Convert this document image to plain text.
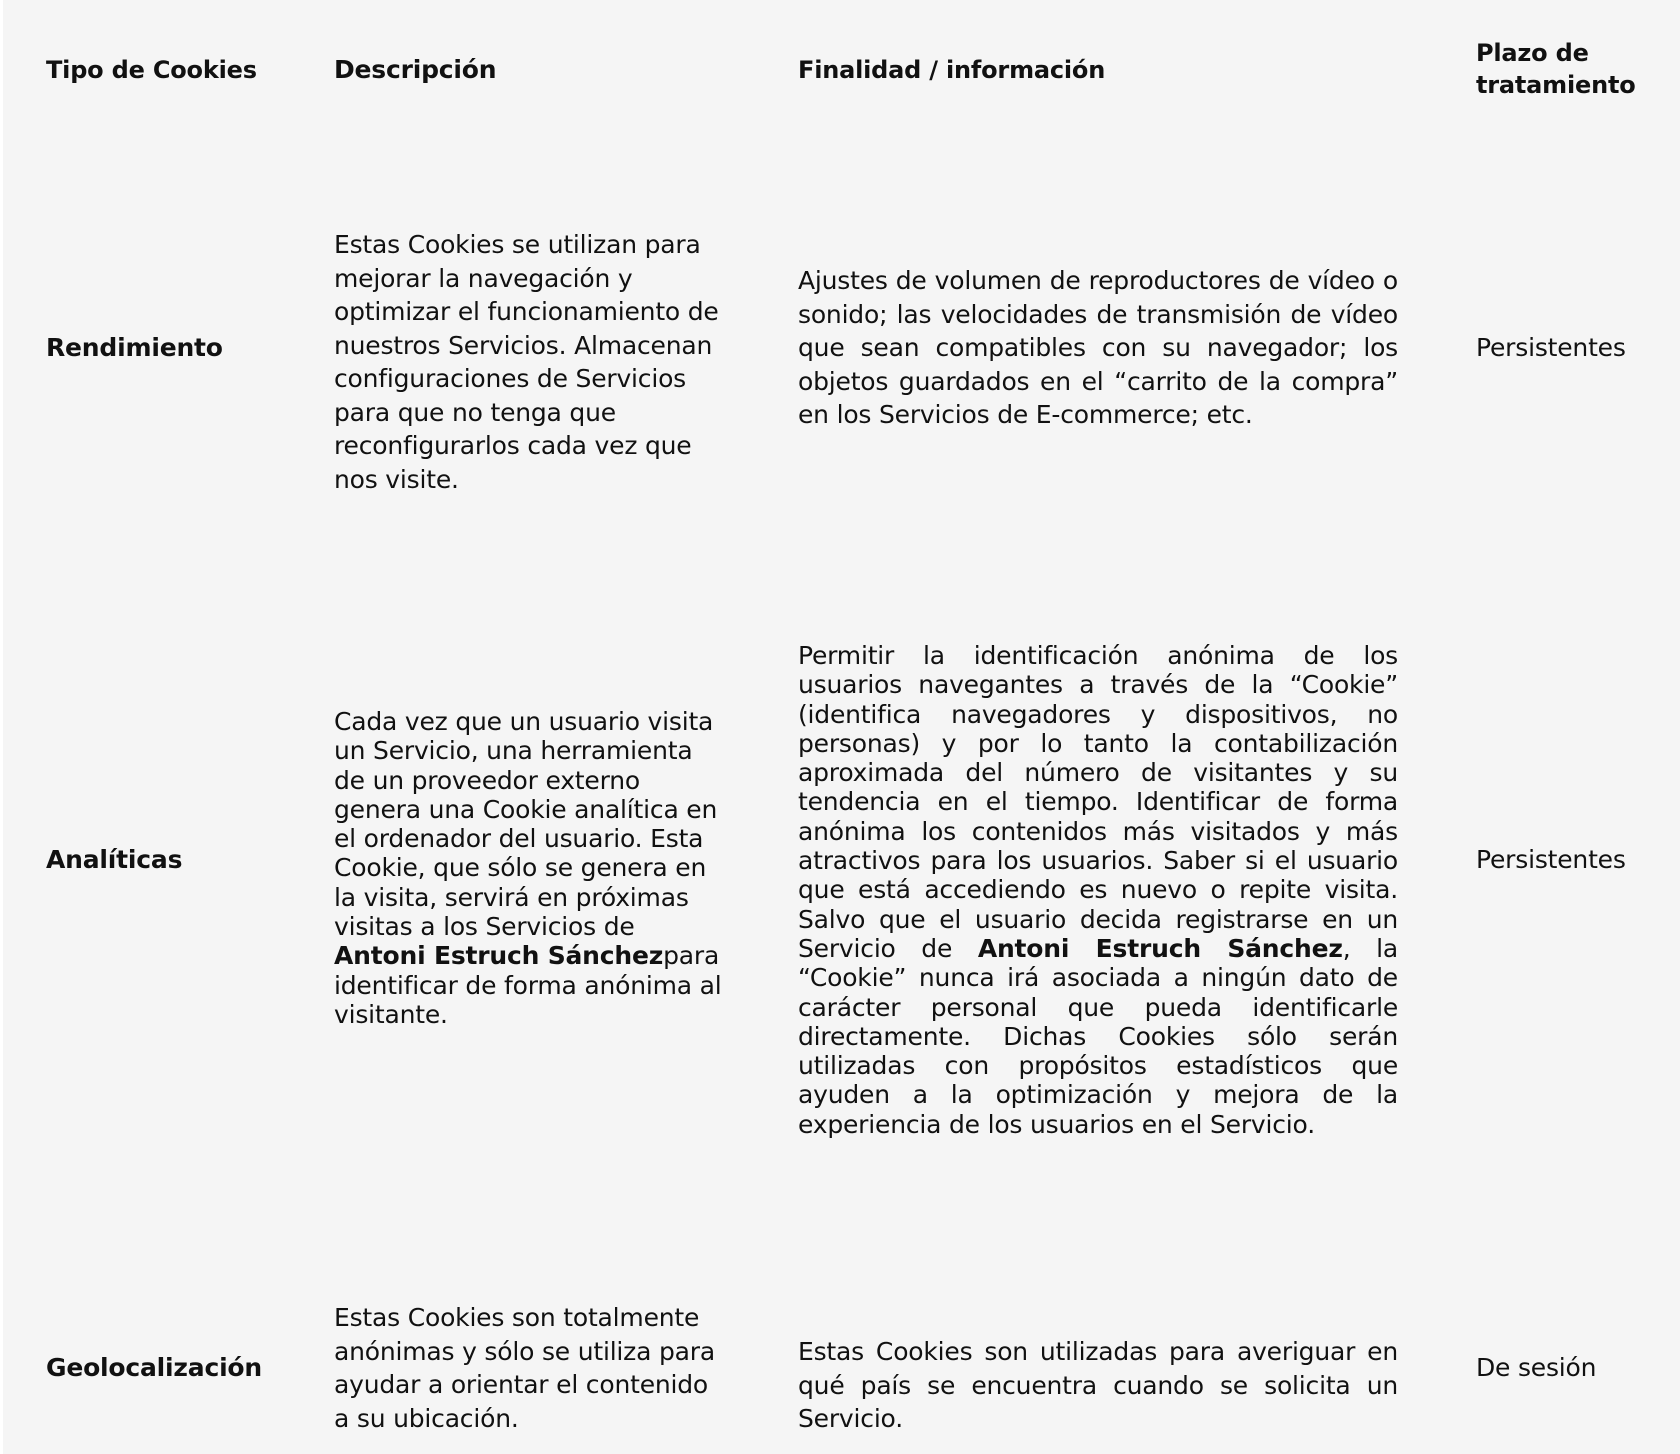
Tipo de Cookies	Descripción	Finalidad / información
Plazo de tratamiento
Rendimiento
Estas Cookies se utilizan para mejorar la navegación y optimizar el funcionamiento de nuestros Servicios. Almacenan configuraciones de Servicios para que no tenga que reconfigurarlos cada vez que nos visite.
Ajustes de volumen de reproductores de vídeo o sonido; las velocidades de transmisión de vídeo que sean compatibles con su navegador; los objetos guardados en el “carrito de la compra” en los Servicios de E-commerce; etc.
Persistentes
Analíticas
Cada vez que un usuario visita un Servicio, una herramienta de un proveedor externo genera una Cookie analítica en el ordenador del usuario. Esta Cookie, que sólo se genera en la visita, servirá en próximas visitas a los Servicios de Antoni Estruch Sánchezpara identificar de forma anónima al visitante.
Permitir la identificación anónima de los usuarios navegantes a través de la “Cookie” (identifica navegadores y dispositivos, no personas) y por lo tanto la contabilización aproximada del número de visitantes y su tendencia en el tiempo. Identificar de forma anónima los contenidos más visitados y más atractivos para los usuarios. Saber si el usuario que está accediendo es nuevo o repite visita. Salvo que el usuario decida registrarse en un Servicio de Antoni Estruch Sánchez, la “Cookie” nunca irá asociada a ningún dato de carácter personal que pueda identificarle directamente. Dichas Cookies sólo serán utilizadas con propósitos estadísticos que ayuden a la optimización y mejora de la experiencia de los usuarios en el Servicio.
Persistentes
Geolocalización
Estas Cookies son totalmente anónimas y sólo se utiliza para ayudar a orientar el contenido a su ubicación.
Estas Cookies son utilizadas para averiguar en qué país se encuentra cuando se solicita un Servicio.
De sesión
